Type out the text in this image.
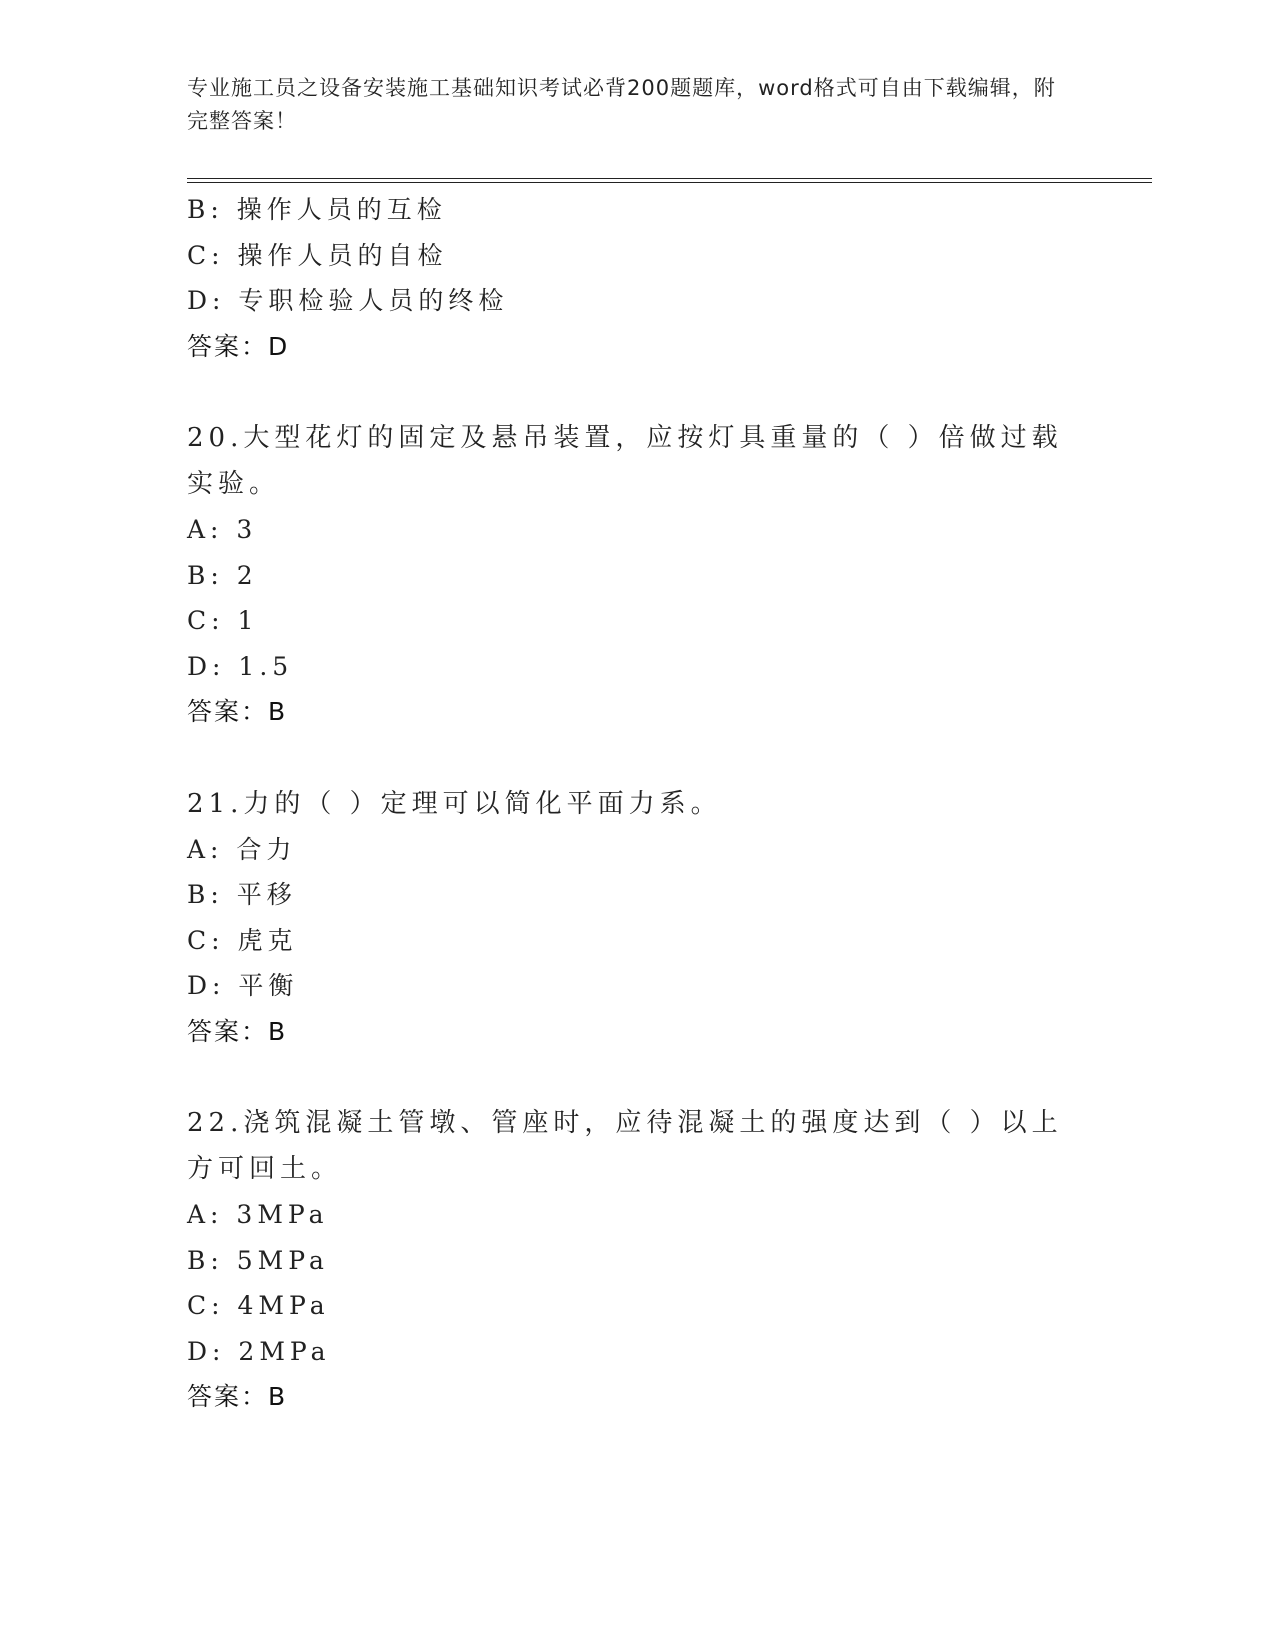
专业施工员之设备安装施工基础知识考试必背200题题库，word格式可自由下载编辑，附完整答案！
B: 操作人员的互检
C: 操作人员的自检
D: 专职检验人员的终检
答案：D
20.大型花灯的固定及悬吊装置，应按灯具重量的（ ）倍做过载实验。
A: 3
B: 2
C: 1
D: 1.5
答案：B
21.力的（ ）定理可以简化平面力系。
A: 合力
B: 平移
C: 虎克
D: 平衡
答案：B
22.浇筑混凝土管墩、管座时，应待混凝土的强度达到（ ）以上方可回土。
A: 3MPa
B: 5MPa
C: 4MPa
D: 2MPa
答案：B
